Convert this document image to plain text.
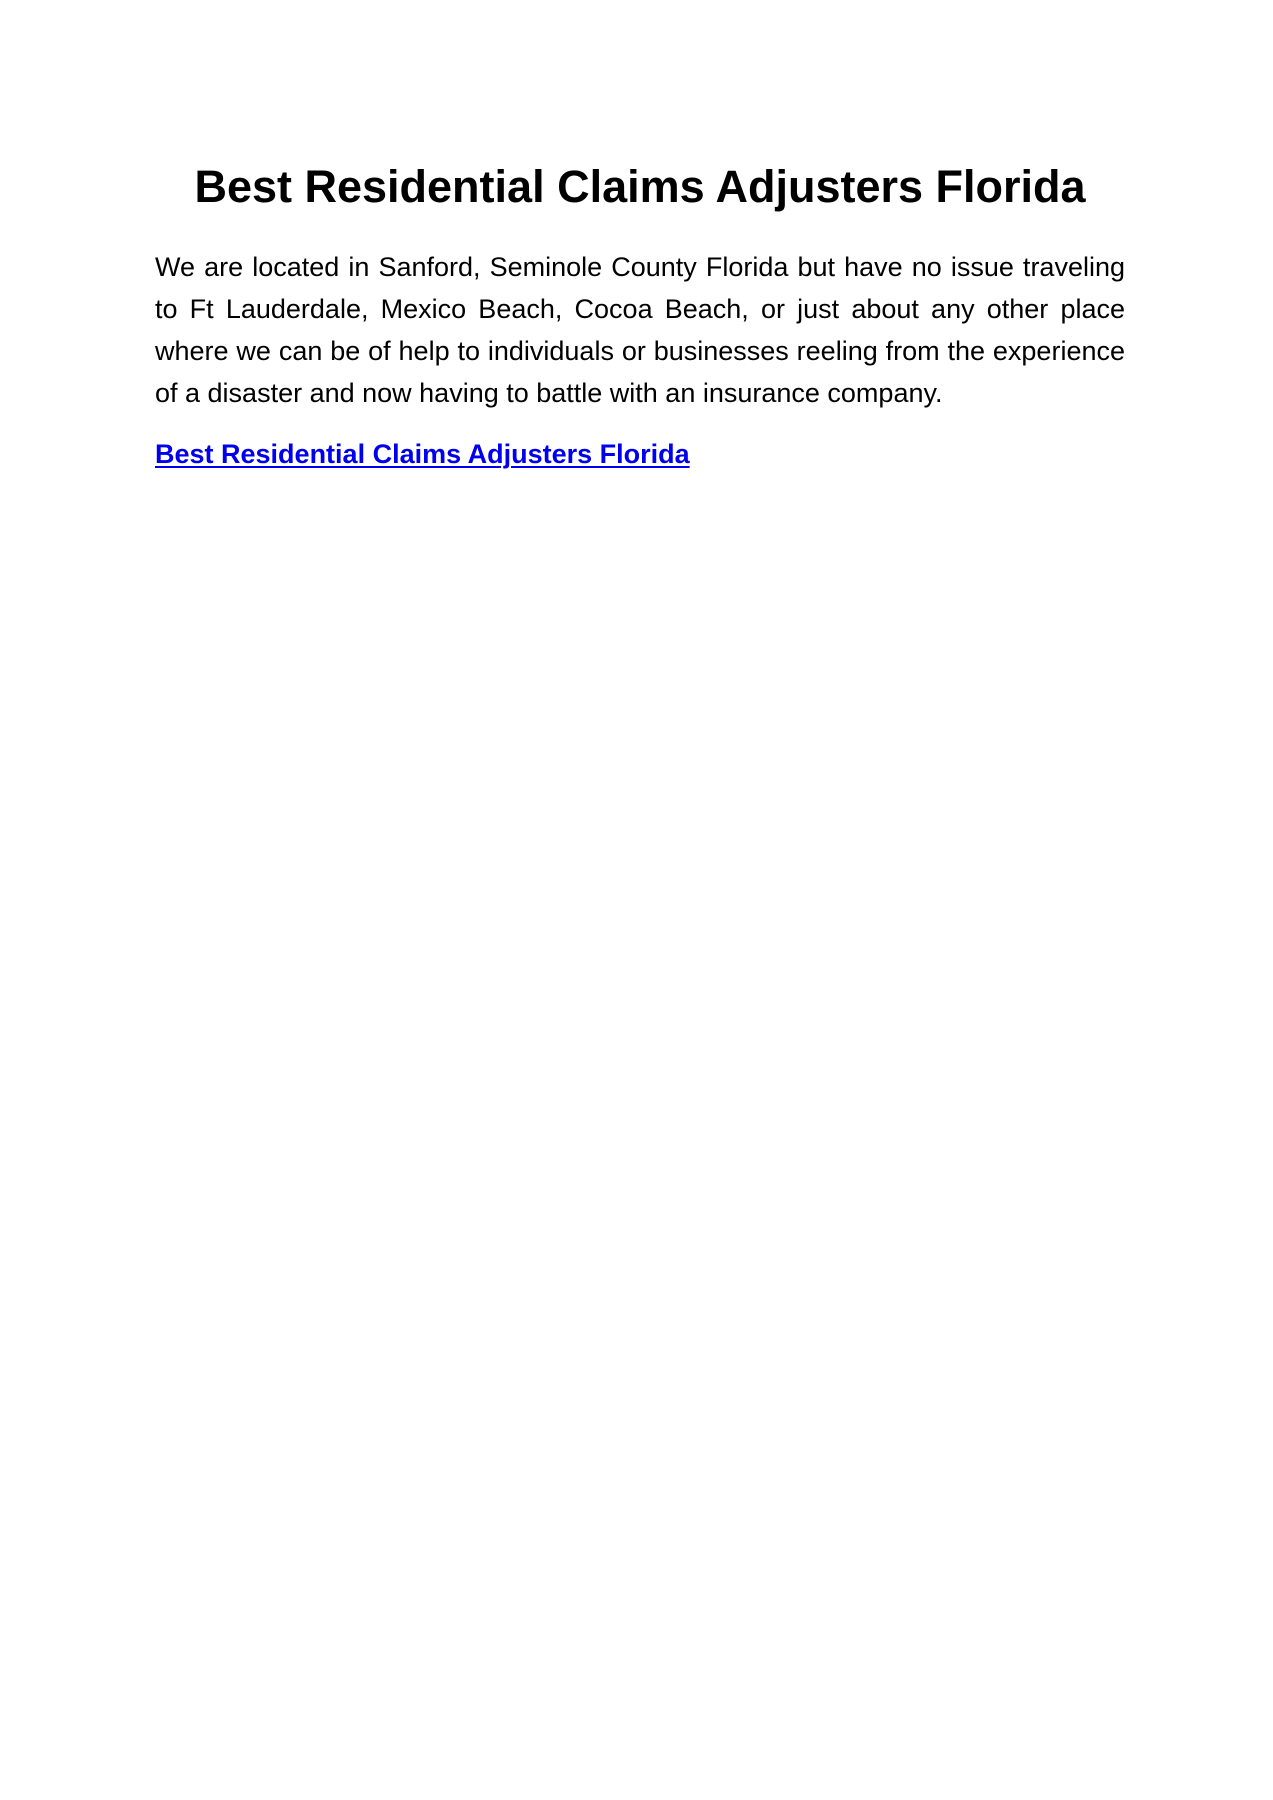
Best Residential Claims Adjusters Florida

We are located in Sanford, Seminole County Florida but have no issue traveling to Ft Lauderdale, Mexico Beach, Cocoa Beach, or just about any other place where we can be of help to individuals or businesses reeling from the experience of a disaster and now having to battle with an insurance company.

Best Residential Claims Adjusters Florida
